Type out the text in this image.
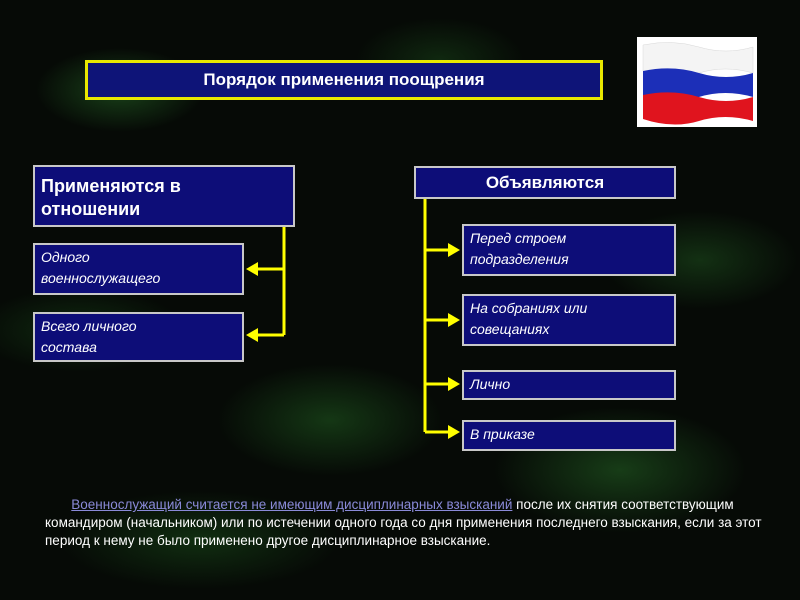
Порядок применения поощрения
Применяются в
отношении
Объявляются
Одного
военнослужащего
Всего личного
состава
Перед строем
подразделения
На собраниях или
совещаниях
Лично
В приказе
Военнослужащий считается не имеющим дисциплинарных взысканий после их снятия соответствующим командиром (начальником) или по истечении одного года со дня применения последнего взыскания, если за этот период к нему не было применено другое дисциплинарное взыскание.
